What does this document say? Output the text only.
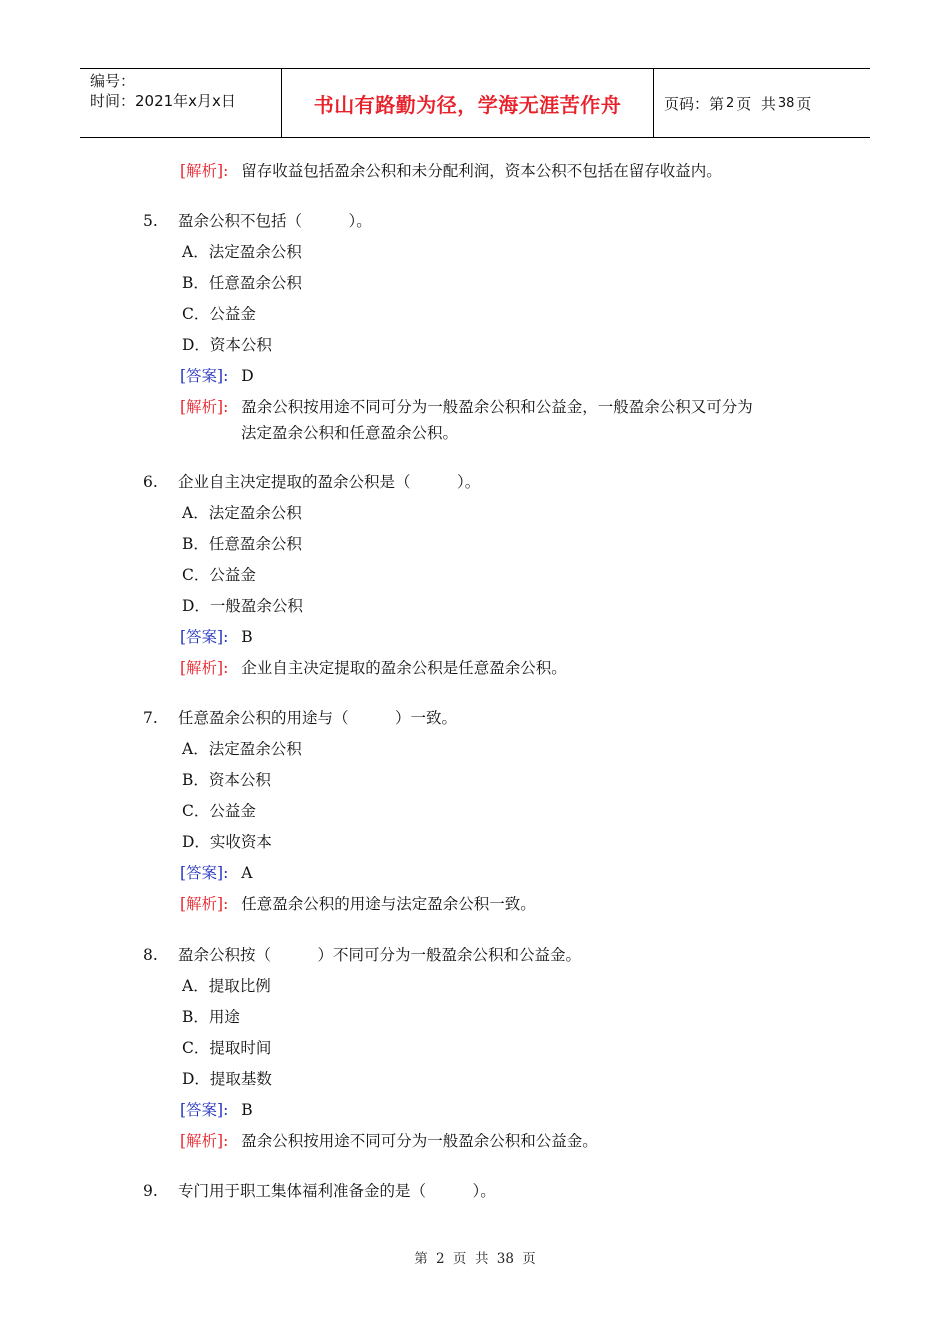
编号：
时间：2021年x月x日	书山有路勤为径，学海无涯苦作舟	页码：第 2 页  共 38 页
[解析]: 留存收益包括盈余公积和未分配利润，资本公积不包括在留存收益内。
5. 盈余公积不包括（　　　）。
A．法定盈余公积
B．任意盈余公积
C．公益金
D．资本公积
[答案]: D
[解析]: 盈余公积按用途不同可分为一般盈余公积和公益金，一般盈余公积又可分为
法定盈余公积和任意盈余公积。
6. 企业自主决定提取的盈余公积是（　　　）。
A．法定盈余公积
B．任意盈余公积
C．公益金
D．一般盈余公积
[答案]: B
[解析]: 企业自主决定提取的盈余公积是任意盈余公积。
7. 任意盈余公积的用途与（　　　）一致。
A．法定盈余公积
B．资本公积
C．公益金
D．实收资本
[答案]: A
[解析]: 任意盈余公积的用途与法定盈余公积一致。
8. 盈余公积按（　　　）不同可分为一般盈余公积和公益金。
A．提取比例
B．用途
C．提取时间
D．提取基数
[答案]: B
[解析]: 盈余公积按用途不同可分为一般盈余公积和公益金。
9. 专门用于职工集体福利准备金的是（　　　）。
第 2 页  共 38 页
